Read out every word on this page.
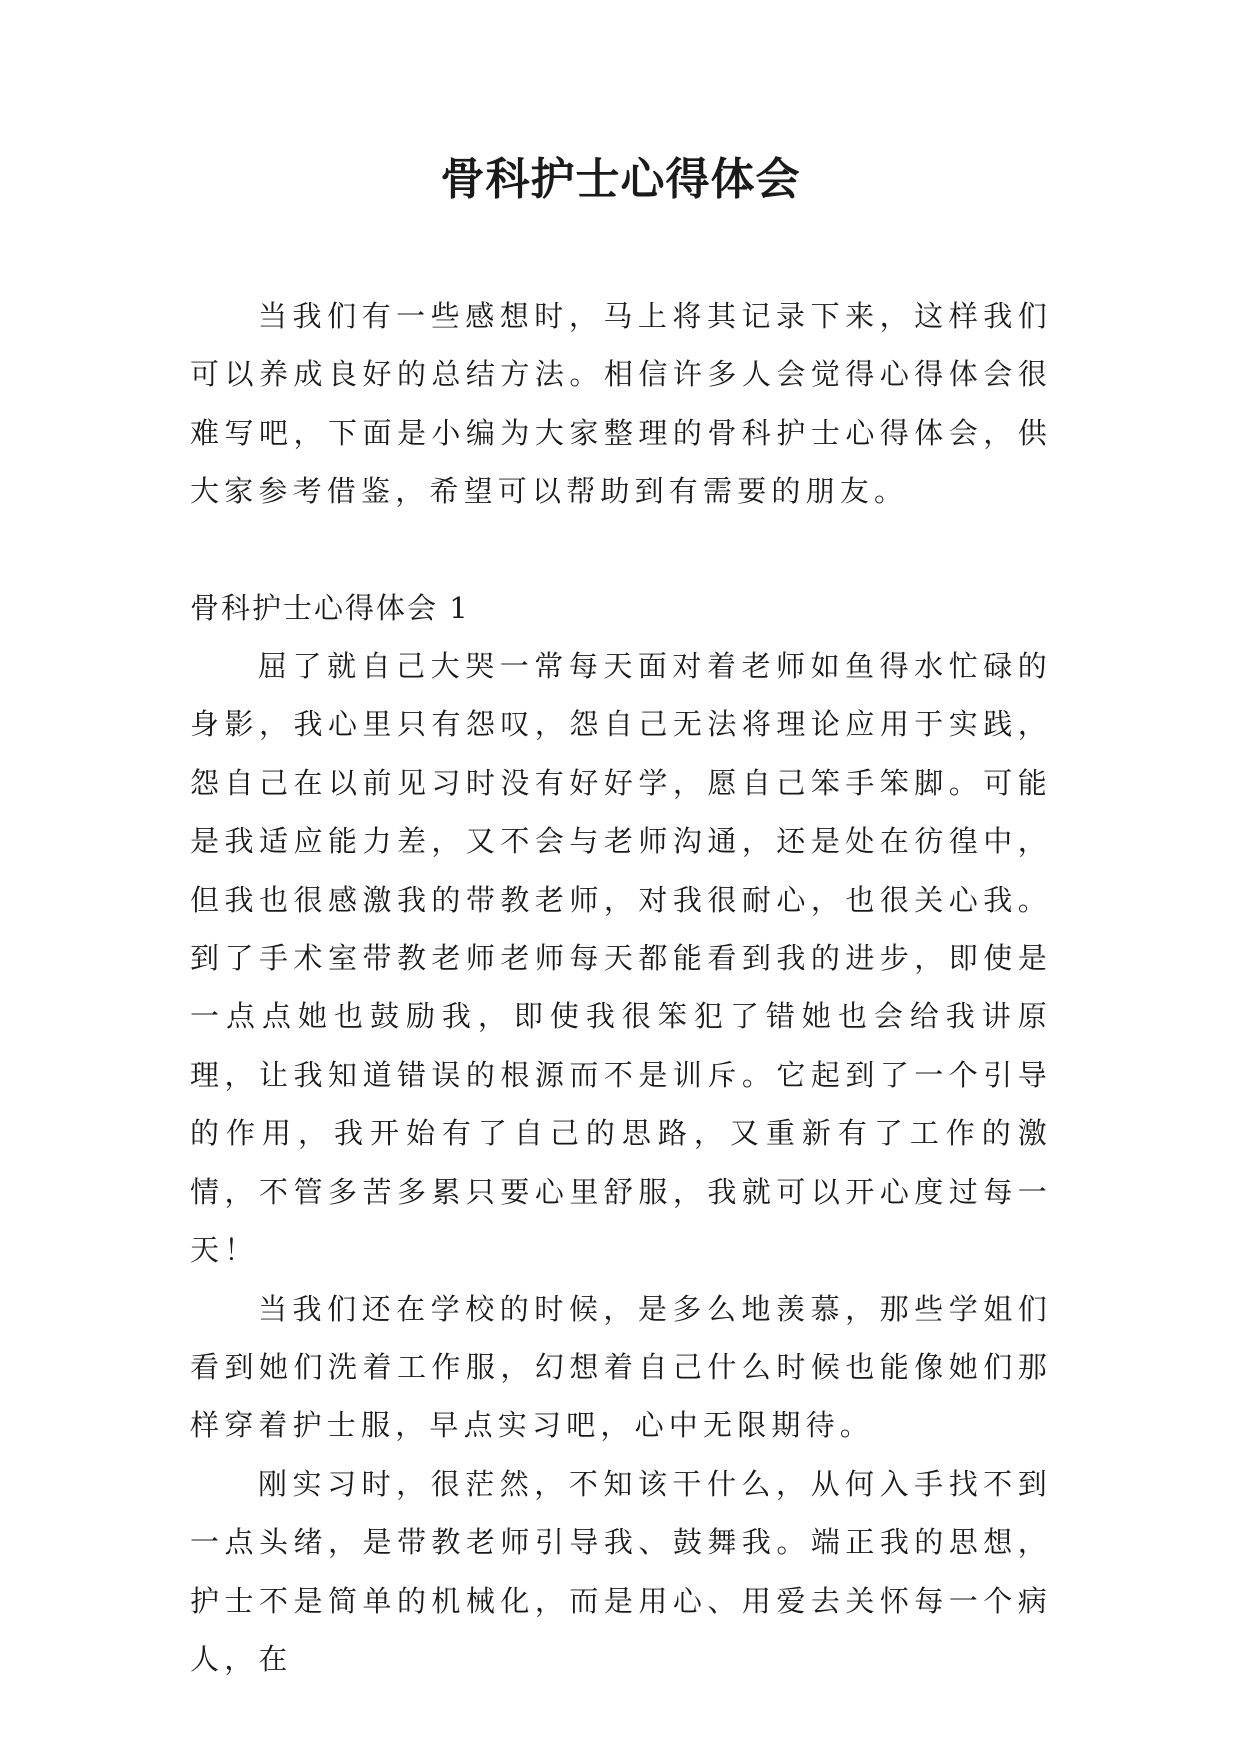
骨科护士心得体会

当我们有一些感想时，马上将其记录下来，这样我们可以养成良好的总结方法。相信许多人会觉得心得体会很难写吧，下面是小编为大家整理的骨科护士心得体会，供大家参考借鉴，希望可以帮助到有需要的朋友。

骨科护士心得体会 1

屈了就自己大哭一常每天面对着老师如鱼得水忙碌的身影，我心里只有怨叹，怨自己无法将理论应用于实践，怨自己在以前见习时没有好好学，愿自己笨手笨脚。可能是我适应能力差，又不会与老师沟通，还是处在彷徨中，但我也很感激我的带教老师，对我很耐心，也很关心我。到了手术室带教老师老师每天都能看到我的进步，即使是一点点她也鼓励我，即使我很笨犯了错她也会给我讲原理，让我知道错误的根源而不是训斥。它起到了一个引导的作用，我开始有了自己的思路，又重新有了工作的激情，不管多苦多累只要心里舒服，我就可以开心度过每一天！

当我们还在学校的时候，是多么地羡慕，那些学姐们看到她们洗着工作服，幻想着自己什么时候也能像她们那样穿着护士服，早点实习吧，心中无限期待。

刚实习时，很茫然，不知该干什么，从何入手找不到一点头绪，是带教老师引导我、鼓舞我。端正我的思想，护士不是简单的机械化，而是用心、用爱去关怀每一个病人，在
